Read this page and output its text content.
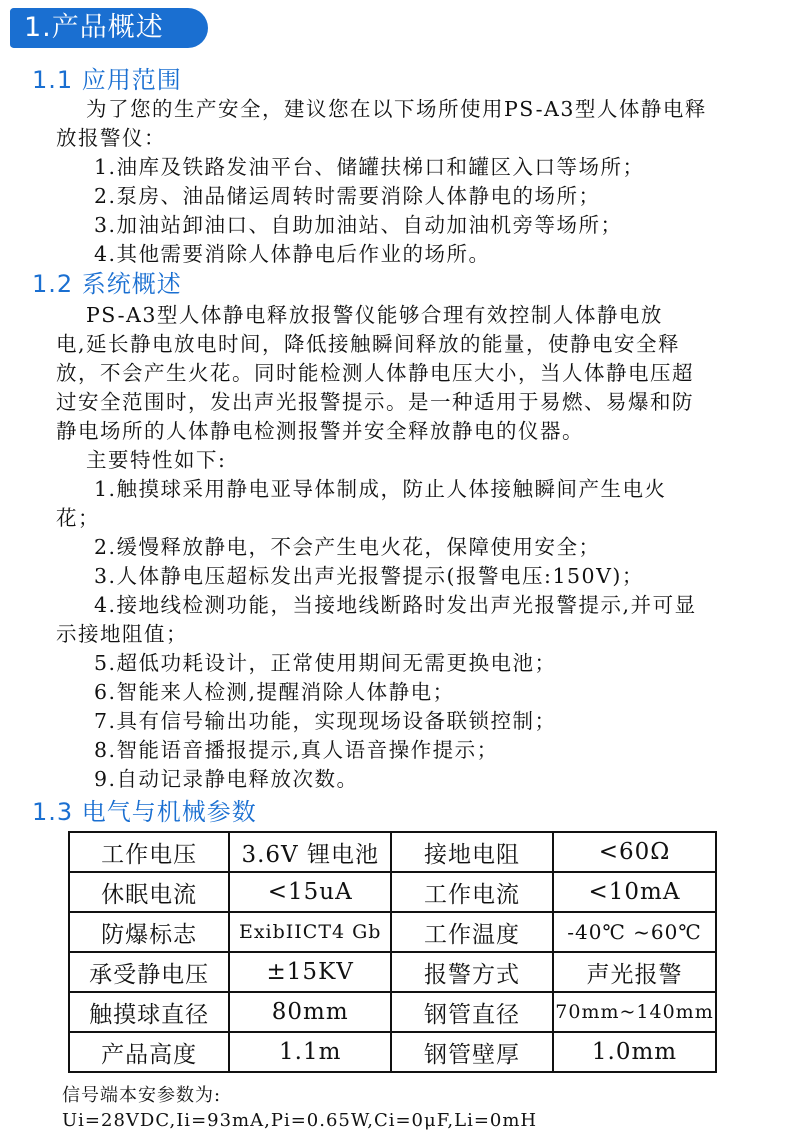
1.产品概述
1.1 应用范围
为了您的生产安全，建议您在以下场所使用PS-A3型人体静电释
放报警仪：
1.油库及铁路发油平台、储罐扶梯口和罐区入口等场所；
2.泵房、油品储运周转时需要消除人体静电的场所；
3.加油站卸油口、自助加油站、自动加油机旁等场所；
4.其他需要消除人体静电后作业的场所。
1.2 系统概述
PS-A3型人体静电释放报警仪能够合理有效控制人体静电放
电,延长静电放电时间，降低接触瞬间释放的能量，使静电安全释
放，不会产生火花。同时能检测人体静电压大小，当人体静电压超
过安全范围时，发出声光报警提示。是一种适用于易燃、易爆和防
静电场所的人体静电检测报警并安全释放静电的仪器。
主要特性如下:
1.触摸球采用静电亚导体制成，防止人体接触瞬间产生电火
花；
2.缓慢释放静电，不会产生电火花，保障使用安全；
3.人体静电压超标发出声光报警提示(报警电压:150V)；
4.接地线检测功能，当接地线断路时发出声光报警提示,并可显
示接地阻值；
5.超低功耗设计，正常使用期间无需更换电池；
6.智能来人检测,提醒消除人体静电；
7.具有信号输出功能，实现现场设备联锁控制；
8.智能语音播报提示,真人语音操作提示；
9.自动记录静电释放次数。
1.3 电气与机械参数
工作电压	3.6V 锂电池	接地电阻	<60Ω
休眠电流	<15uA	工作电流	<10mA
防爆标志	ExibIICT4 Gb	工作温度	-40℃ ~60℃
承受静电压	±15KV	报警方式	声光报警
触摸球直径	80mm	钢管直径	70mm~140mm
产品高度	1.1m	钢管壁厚	1.0mm
信号端本安参数为:
Ui=28VDC,Ii=93mA,Pi=0.65W,Ci=0μF,Li=0mH
